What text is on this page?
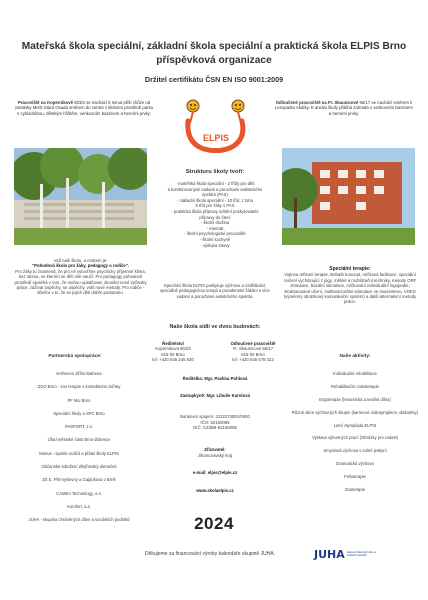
Mateřská škola speciální, základní škola speciální a praktická škola ELPIS Brno
příspěvková organizace
Držitel certifikátu ČSN EN ISO 9001:2009
Pracoviště na Kopernikově 803/2 se nachází 5 minut pěší chůze od zastávky MHD Stará Osada směrem do centra v klidném prostředí parku s cyklodráhou, dětským hřištěm, venkovním bazénem a herními prvky.
Odloučené pracoviště na Fr. Skaunicové 66/17 se nachází směrem k Lesoparku Akátky. K areálu školy přiléhá zahrada s venkovním bazénem a herními prvky.
ELPIS
Strukturu školy tvoří:
- mateřská škola speciální - 2 třídy pro děti
a kombinovanými vadami a poruchami autistického
spektra (PAS)
- základní škola speciální - 10 tříd, z toho
5 tříd pro žáky s PAS
- praktická škola přípravy odnění poskytovatelé
přípravy do čtení
- školní družina
- internát
- školní psychologické pracoviště
- školní kuchyně
- výdejna stravy
Speciální škola ELPIS poskytuje výchovu a vzdělávání, speciálně pedagogickou terapii a poradenství žákům s více vadami a poruchami autistického spektra.
Vidí naši školu, a mottem je:
"Pohodová škola pro žáky, pedagogy a rodiče".
Pro žáky to znamená, že pro ně vytvoříme psychicky příjemné klima, bez stresu, ve kterém se děti vše naučí. Pro pedagogy pohodové prostředí spoléhá v tom, že mohou uplatňovat, zkoušet nové způsoby práce, zažívat úspěchy, ne úspěchy, volit nové metody. Pro rodiče - důvěru v to, že se jejich děti dobře postarano.
Speciální terapie:
Vojtova reflexní terapie, Bobath koncept, míčková facilitace, speciální cvičení vycházející z jógy, měkké a mobilizační techniky, metody ORF stimulace, bazální stimulace, míčkování individuální logopedie, strukturované učení, multisenzorální stimulace ve snoezelenu, VOKS (výměnný obrázkový komunikační systém) a další alternativní metody práce.
Naše škola sídlí ve dvou budovách:
Ředitelství
Kopernikova 803/2
615 00 Brno
tel: +420 545 245 630
Odloučené pracoviště
Fr. Skaunicové 66/17
615 00 Brno
tel: +420 545 578 422
Partnerská spolupráce:
Knihovna Jiřího Mahena
ZOO Brno - zoo terapie s kontaktními zvířaty
PF MU Brno
Speciální školy a SPC Brno
PASPORT, z.s.
Úřad městské části Brno-Židenice
Manus - spolek rodičů a přátel školy ELPIS
Občanské sdružení Zikýřovský domeček
ZŠ E. Přemyslovny a Gajdošova v Brně
CAMEA Technology, a.s.
Komfort, a.s.
JUHA - skupina chráněných dílen a sociálních podniků
Naše aktivity:
Individuální rehabilitace
Rehabilitační canisterapie
Ergoterapie (keramická a textilní dílna)
Různé akce výchovných skupin (karneval, videoprojekce, diskotéky)
Letní olympiáda ELPIS
Výstava výtvarných prací (Obrázky pro radost)
Smyslová výchova v solné jeskyni
Dramatická výchova
Felixterapie
Zooterapie
Ředitelka: Mgr. Pavlína Pohlová
Zástupkyně: Mgr. Libuše Karolová
Bankovní spojení: 2112274081/0600
IČO: 62160095
DIČ: CZ2B9-62160095
Zřizovatel:
Jihomoravský kraj
e-mail: elpis@elpis.cz
www.skolaelpis.cz
2024
Děkujeme za financování výroby kalendáře skupině JUHA.	JUHA skupina chráněných dílen a sociálních podniků
